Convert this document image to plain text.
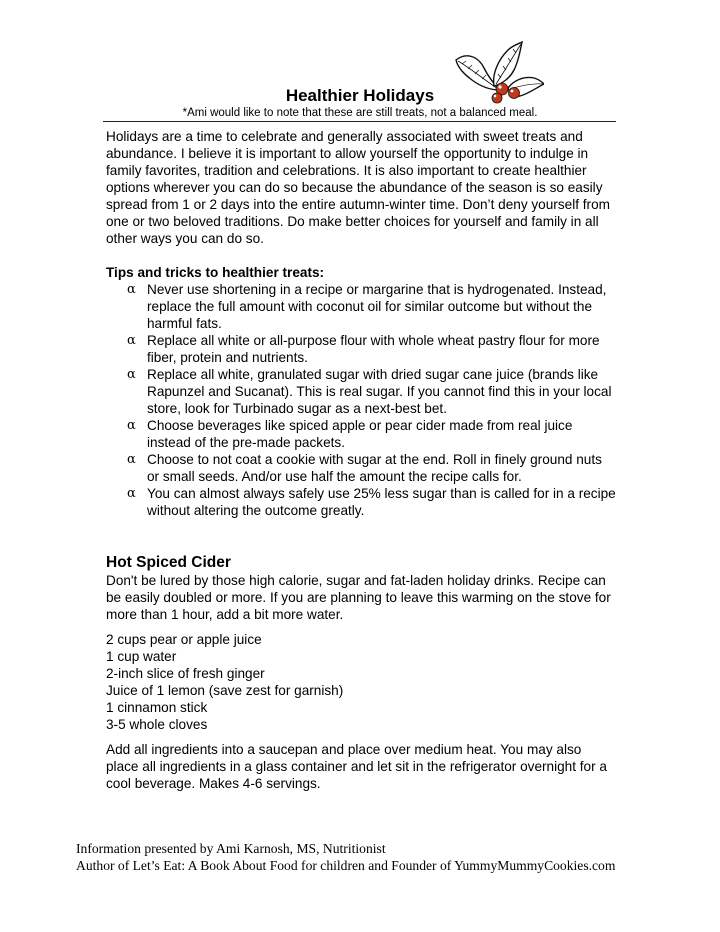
Healthier Holidays
*Ami would like to note that these are still treats, not a balanced meal.

Holidays are a time to celebrate and generally associated with sweet treats and abundance. I believe it is important to allow yourself the opportunity to indulge in family favorites, tradition and celebrations. It is also important to create healthier options wherever you can do so because the abundance of the season is so easily spread from 1 or 2 days into the entire autumn-winter time. Don’t deny yourself from one or two beloved traditions. Do make better choices for yourself and family in all other ways you can do so.

Tips and tricks to healthier treats:

α Never use shortening in a recipe or margarine that is hydrogenated. Instead, replace the full amount with coconut oil for similar outcome but without the harmful fats.
α Replace all white or all-purpose flour with whole wheat pastry flour for more fiber, protein and nutrients.
α Replace all white, granulated sugar with dried sugar cane juice (brands like Rapunzel and Sucanat). This is real sugar. If you cannot find this in your local store, look for Turbinado sugar as a next-best bet.
α Choose beverages like spiced apple or pear cider made from real juice instead of the pre-made packets.
α Choose to not coat a cookie with sugar at the end. Roll in finely ground nuts or small seeds. And/or use half the amount the recipe calls for.
α You can almost always safely use 25% less sugar than is called for in a recipe without altering the outcome greatly.

Hot Spiced Cider

Don't be lured by those high calorie, sugar and fat-laden holiday drinks. Recipe can be easily doubled or more. If you are planning to leave this warming on the stove for more than 1 hour, add a bit more water.

2 cups pear or apple juice
1 cup water
2-inch slice of fresh ginger
Juice of 1 lemon (save zest for garnish)
1 cinnamon stick
3-5 whole cloves

Add all ingredients into a saucepan and place over medium heat. You may also place all ingredients in a glass container and let sit in the refrigerator overnight for a cool beverage. Makes 4-6 servings.

Information presented by Ami Karnosh, MS, Nutritionist
Author of Let’s Eat: A Book About Food for children and Founder of YummyMummyCookies.com
